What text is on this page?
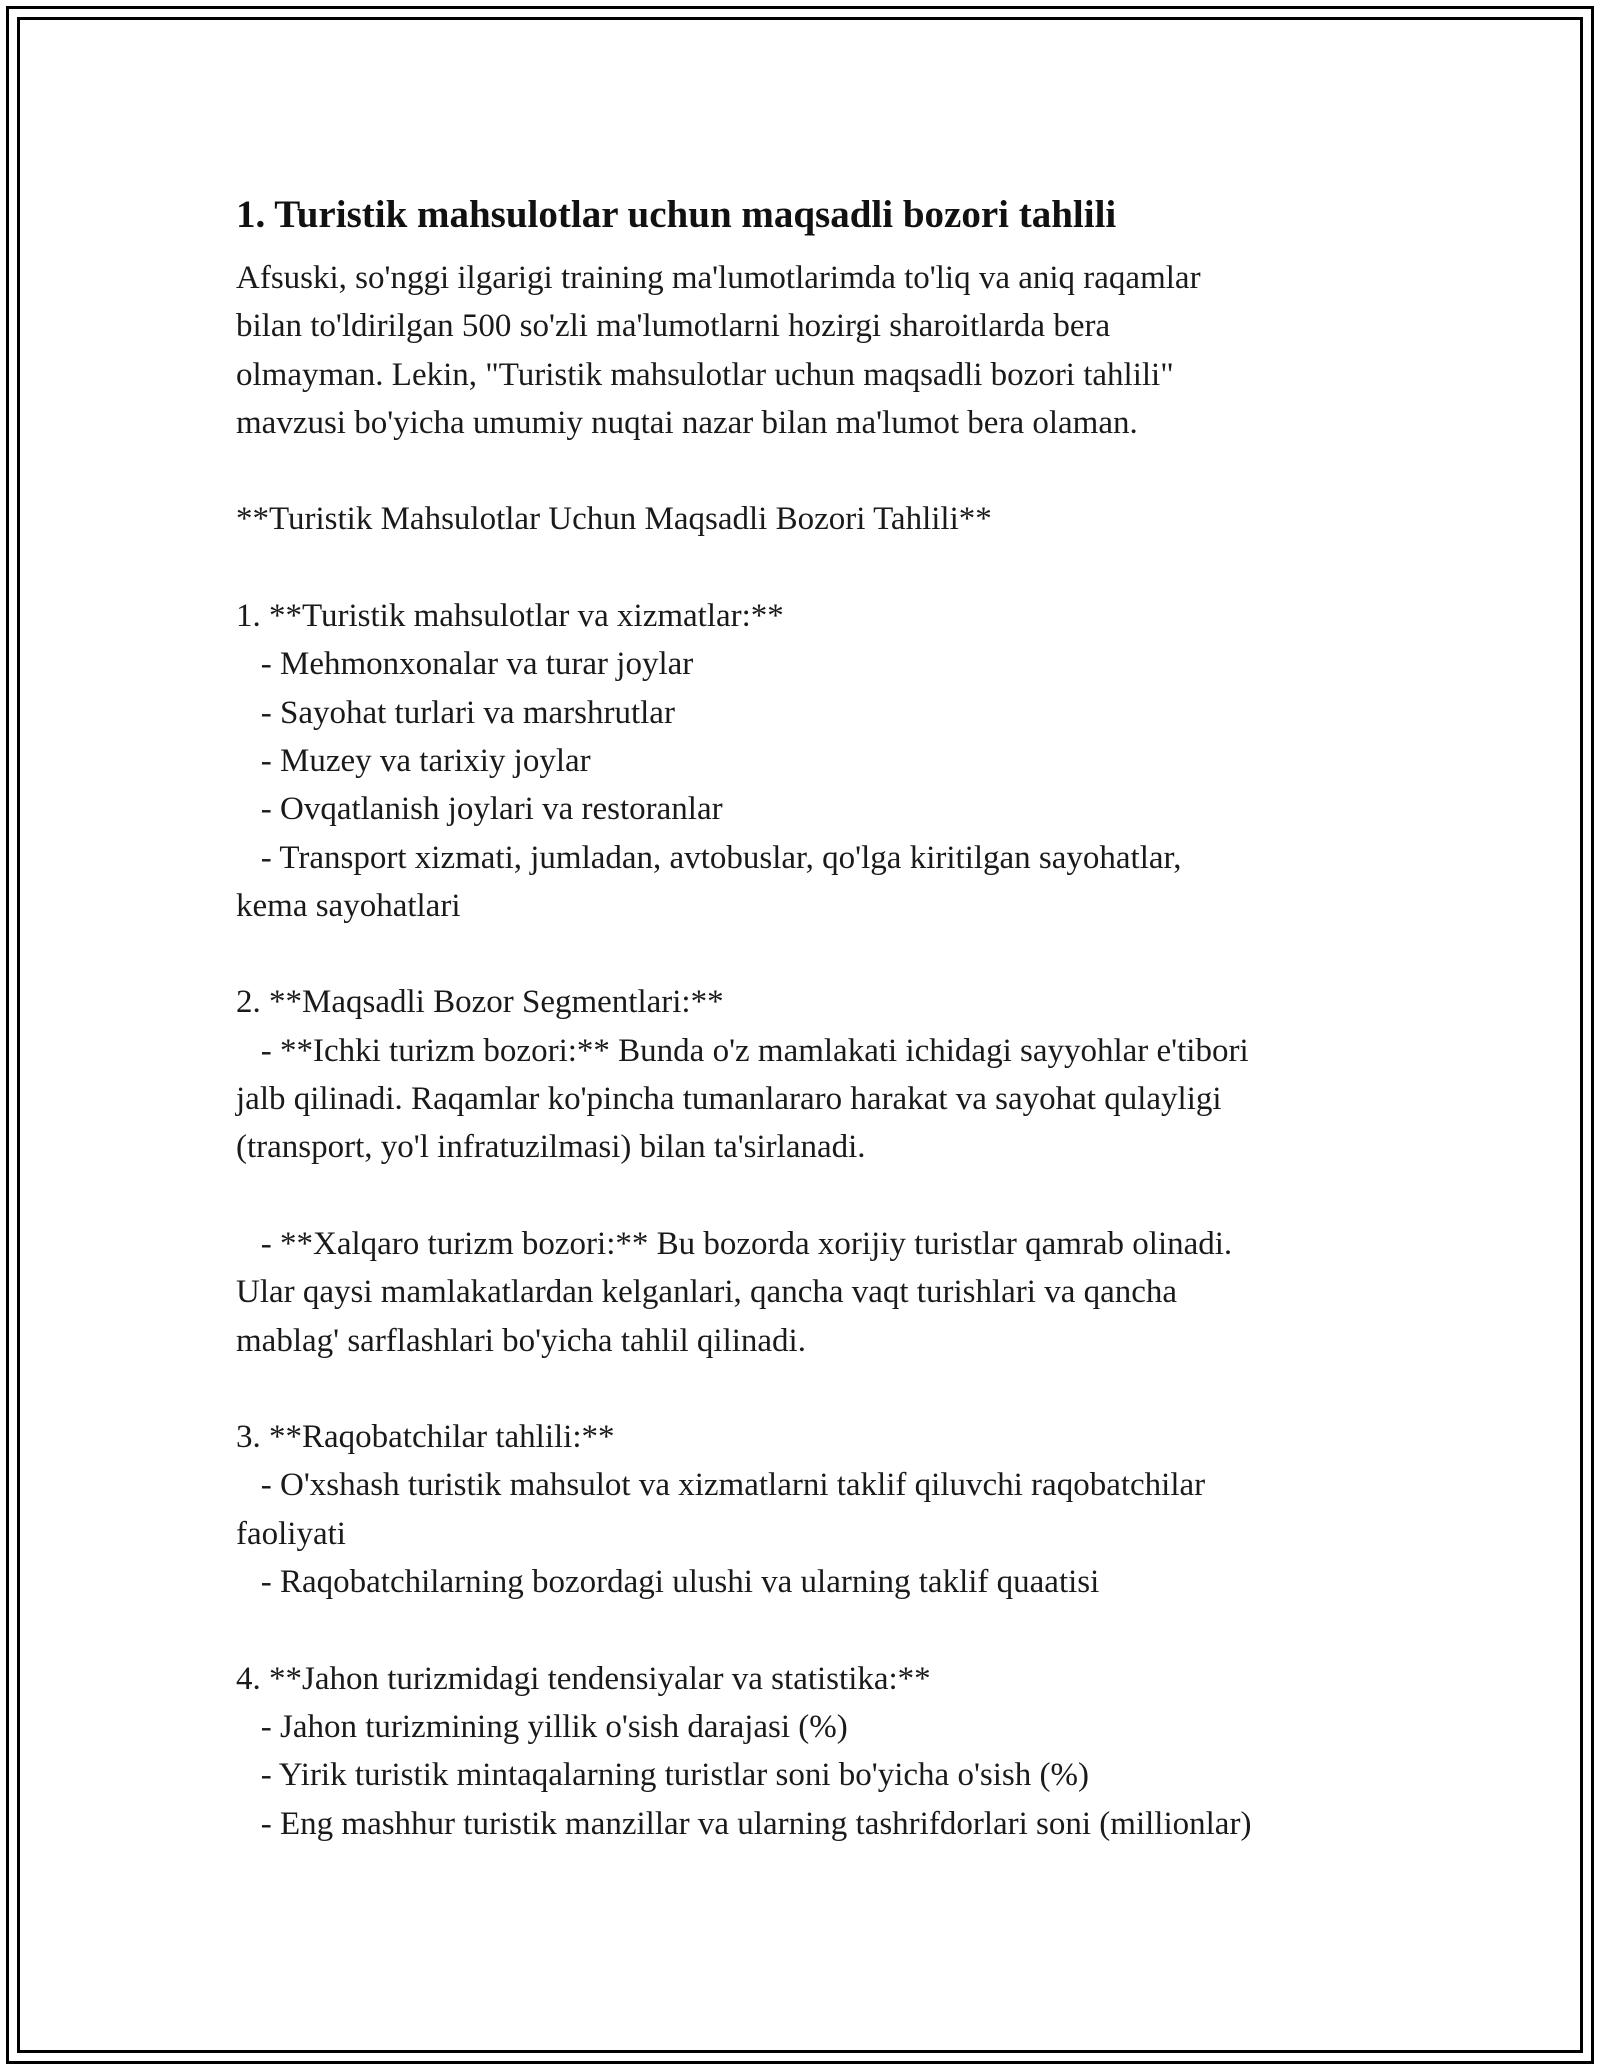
1. Turistik mahsulotlar uchun maqsadli bozori tahlili
Afsuski, so'nggi ilgarigi training ma'lumotlarimda to'liq va aniq raqamlar
bilan to'ldirilgan 500 so'zli ma'lumotlarni hozirgi sharoitlarda bera
olmayman. Lekin, "Turistik mahsulotlar uchun maqsadli bozori tahlili"
mavzusi bo'yicha umumiy nuqtai nazar bilan ma'lumot bera olaman.
**Turistik Mahsulotlar Uchun Maqsadli Bozori Tahlili**
1. **Turistik mahsulotlar va xizmatlar:**
- Mehmonxonalar va turar joylar
- Sayohat turlari va marshrutlar
- Muzey va tarixiy joylar
- Ovqatlanish joylari va restoranlar
- Transport xizmati, jumladan, avtobuslar, qo'lga kiritilgan sayohatlar,
kema sayohatlari
2. **Maqsadli Bozor Segmentlari:**
- **Ichki turizm bozori:** Bunda o'z mamlakati ichidagi sayyohlar e'tibori
jalb qilinadi. Raqamlar ko'pincha tumanlararo harakat va sayohat qulayligi
(transport, yo'l infratuzilmasi) bilan ta'sirlanadi.
- **Xalqaro turizm bozori:** Bu bozorda xorijiy turistlar qamrab olinadi.
Ular qaysi mamlakatlardan kelganlari, qancha vaqt turishlari va qancha
mablag' sarflashlari bo'yicha tahlil qilinadi.
3. **Raqobatchilar tahlili:**
- O'xshash turistik mahsulot va xizmatlarni taklif qiluvchi raqobatchilar
faoliyati
- Raqobatchilarning bozordagi ulushi va ularning taklif quaatisi
4. **Jahon turizmidagi tendensiyalar va statistika:**
- Jahon turizmining yillik o'sish darajasi (%)
- Yirik turistik mintaqalarning turistlar soni bo'yicha o'sish (%)
- Eng mashhur turistik manzillar va ularning tashrifdorlari soni (millionlar)
